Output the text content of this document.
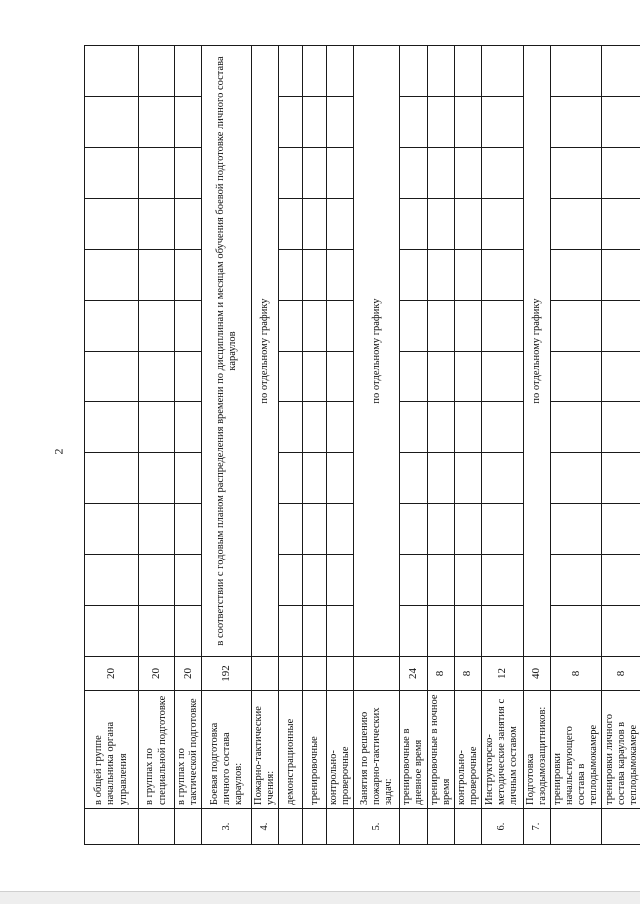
2
	в общей группе начальника органа управления	20												
	в группах по специальной подготовке	20												
	в группах по тактической подготовке	20												
3.	Боевая подготовка личного состава караулов:	192	в соответствии с годовым планом распределения времени по дисциплинам и месяцам обучения боевой подготовке личного состава караулов											
4.	Пожарно-тактические учения:		по отдельному графику											
	демонстрационные													
	тренировочные													
	контрольно-проверочные													
5.	Занятия по решению пожарно-тактических задач:		по отдельному графику											
	тренировочные в дневное время	24												
	тренировочные в ночное время	8												
	контрольно-проверочные	8												
6.	Инструкторско-методические занятия с личным составом	12												
7.	Подготовка газодымозащитников:	40	по отдельному графику											
	тренировки начальствующего состава в теплодымокамере	8												
	тренировки личного состава караулов в теплодымокамере	8												
